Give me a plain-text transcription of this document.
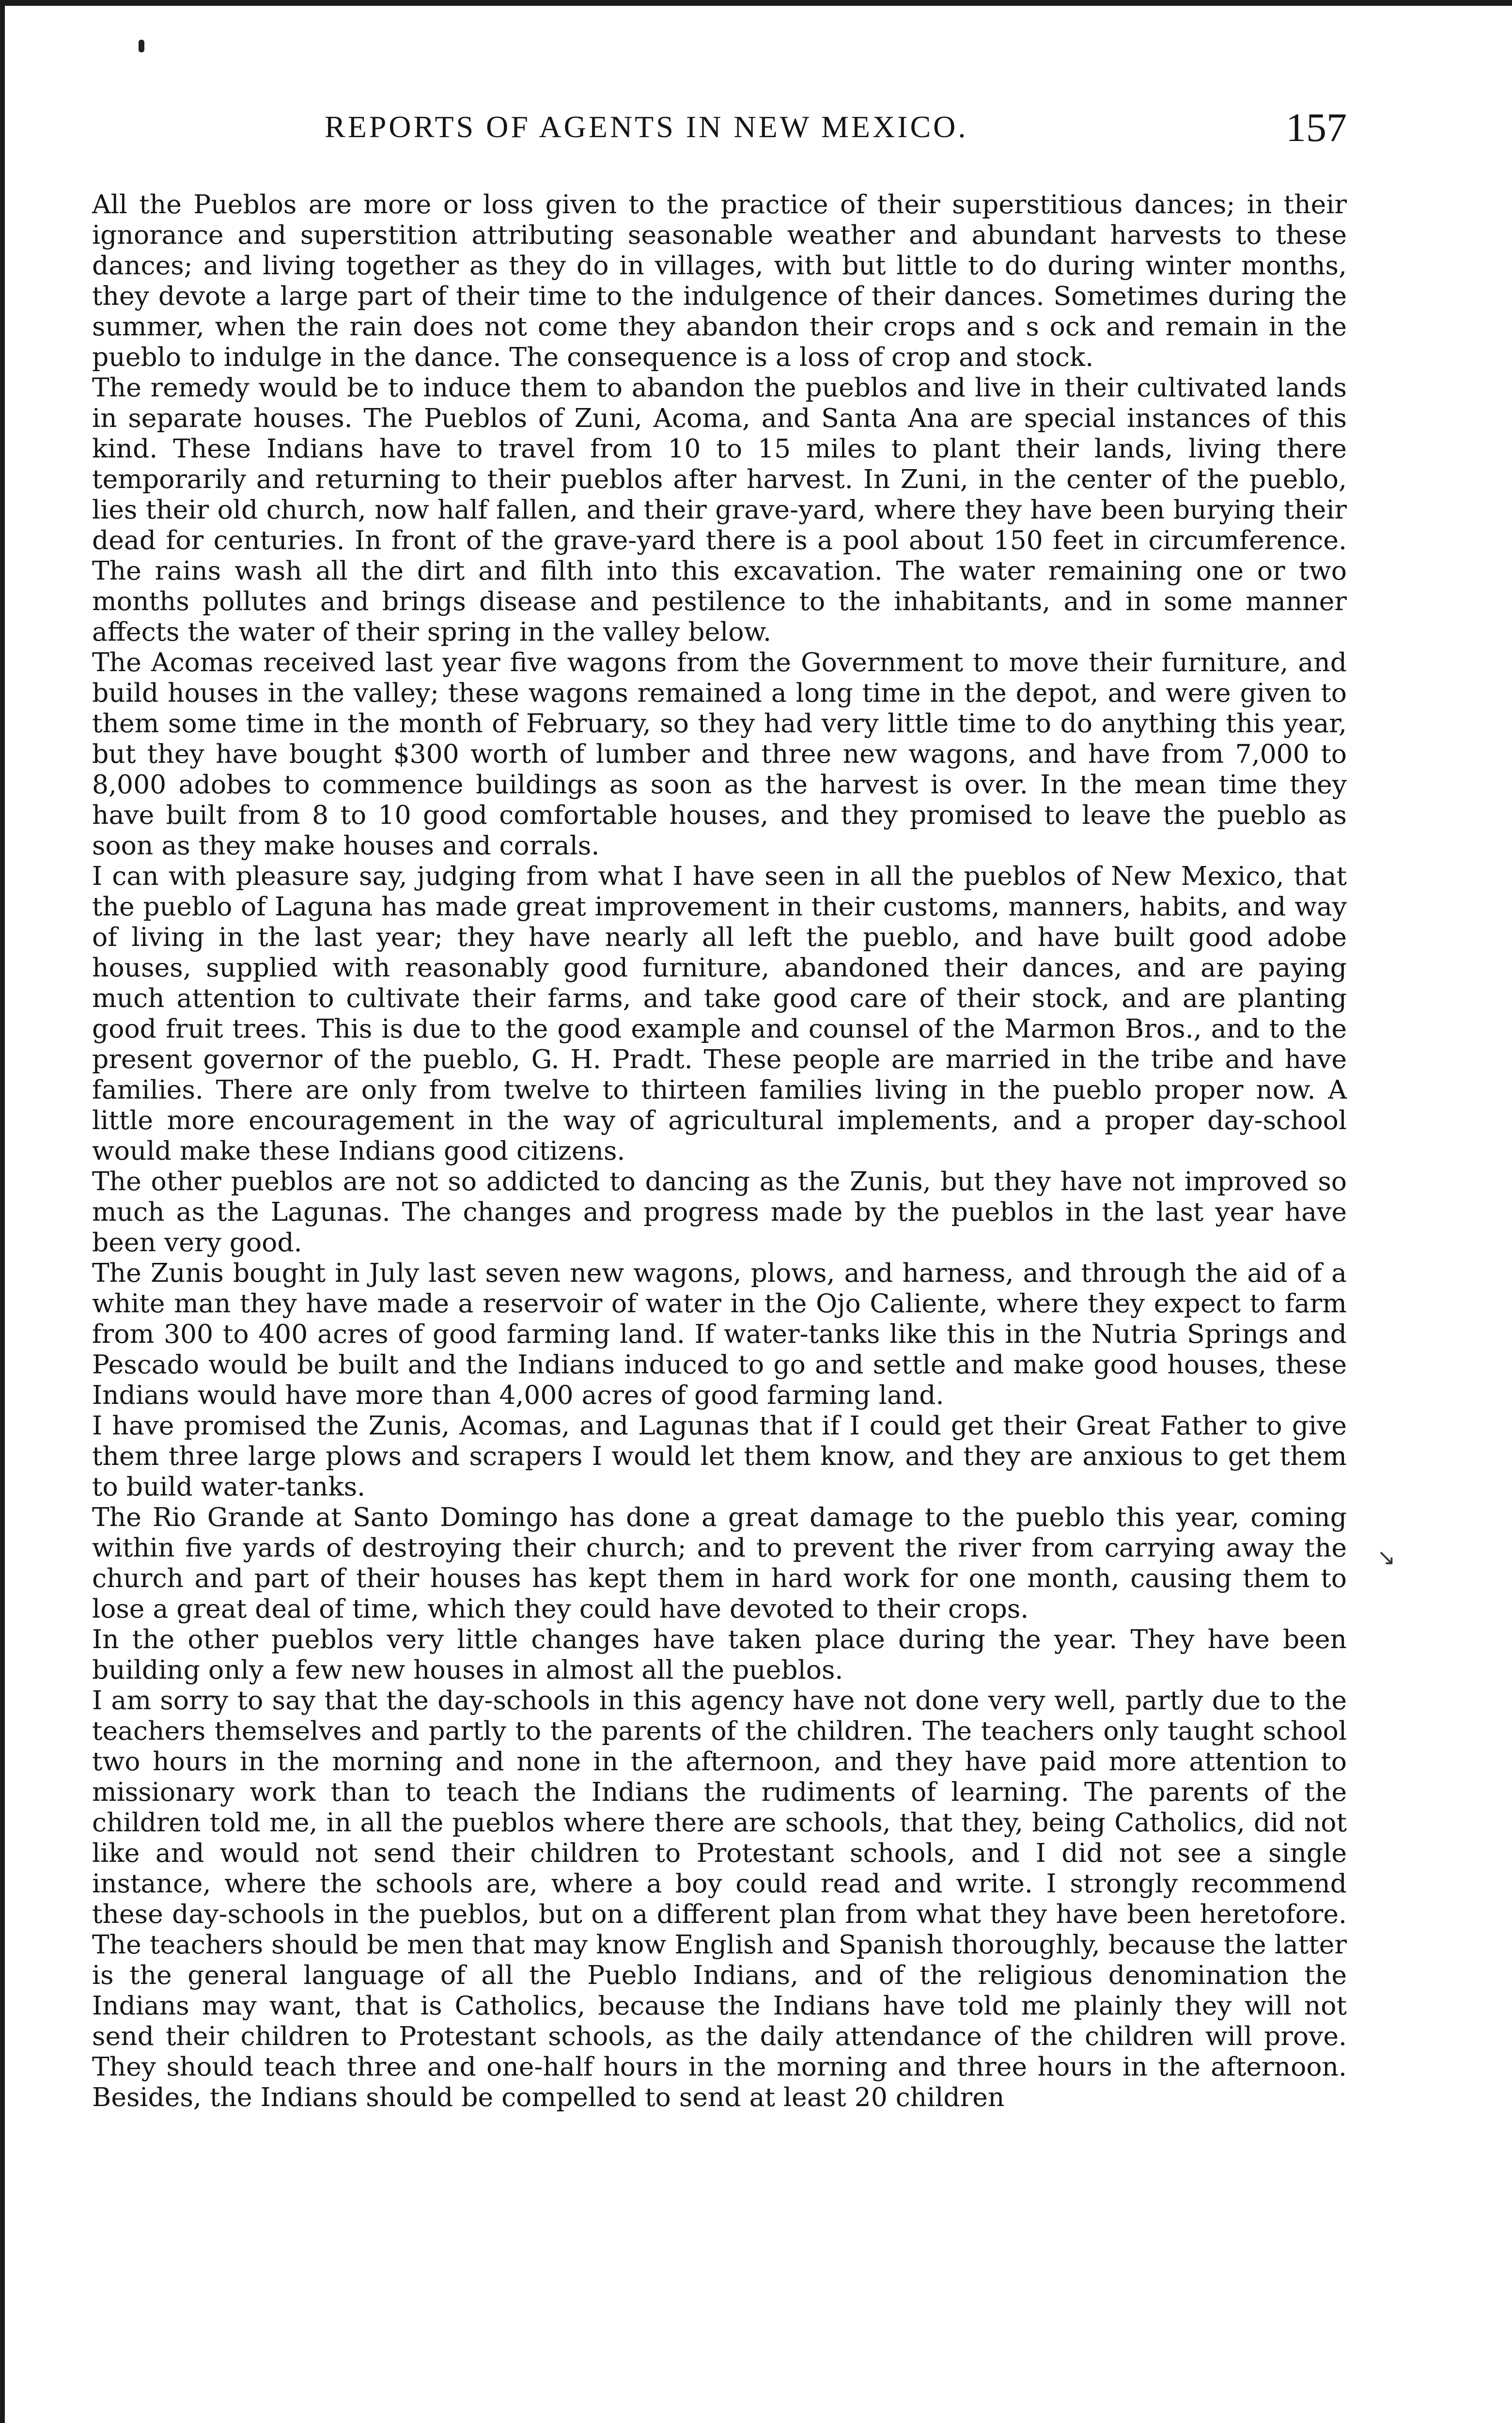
REPORTS OF AGENTS IN NEW MEXICO.	157

All the Pueblos are more or loss given to the practice of their superstitious dances; in their ignorance and superstition attributing seasonable weather and abundant harvests to these dances; and living together as they do in villages, with but little to do during winter months, they devote a large part of their time to the indulgence of their dances. Sometimes during the summer, when the rain does not come they abandon their crops and s ock and remain in the pueblo to indulge in the dance. The consequence is a loss of crop and stock.

The remedy would be to induce them to abandon the pueblos and live in their cultivated lands in separate houses. The Pueblos of Zuni, Acoma, and Santa Ana are special instances of this kind. These Indians have to travel from 10 to 15 miles to plant their lands, living there temporarily and returning to their pueblos after harvest. In Zuni, in the center of the pueblo, lies their old church, now half fallen, and their grave-yard, where they have been burying their dead for centuries. In front of the grave-yard there is a pool about 150 feet in circumference. The rains wash all the dirt and filth into this excavation. The water remaining one or two months pollutes and brings disease and pestilence to the inhabitants, and in some manner affects the water of their spring in the valley below.

The Acomas received last year five wagons from the Government to move their furniture, and build houses in the valley; these wagons remained a long time in the depot, and were given to them some time in the month of February, so they had very little time to do anything this year, but they have bought $300 worth of lumber and three new wagons, and have from 7,000 to 8,000 adobes to commence buildings as soon as the harvest is over. In the mean time they have built from 8 to 10 good comfortable houses, and they promised to leave the pueblo as soon as they make houses and corrals.

I can with pleasure say, judging from what I have seen in all the pueblos of New Mexico, that the pueblo of Laguna has made great improvement in their customs, manners, habits, and way of living in the last year; they have nearly all left the pueblo, and have built good adobe houses, supplied with reasonably good furniture, abandoned their dances, and are paying much attention to cultivate their farms, and take good care of their stock, and are planting good fruit trees. This is due to the good example and counsel of the Marmon Bros., and to the present governor of the pueblo, G. H. Pradt. These people are married in the tribe and have families. There are only from twelve to thirteen families living in the pueblo proper now. A little more encouragement in the way of agricultural implements, and a proper day-school would make these Indians good citizens.

The other pueblos are not so addicted to dancing as the Zunis, but they have not improved so much as the Lagunas. The changes and progress made by the pueblos in the last year have been very good.

The Zunis bought in July last seven new wagons, plows, and harness, and through the aid of a white man they have made a reservoir of water in the Ojo Caliente, where they expect to farm from 300 to 400 acres of good farming land. If water-tanks like this in the Nutria Springs and Pescado would be built and the Indians induced to go and settle and make good houses, these Indians would have more than 4,000 acres of good farming land.

I have promised the Zunis, Acomas, and Lagunas that if I could get their Great Father to give them three large plows and scrapers I would let them know, and they are anxious to get them to build water-tanks.

The Rio Grande at Santo Domingo has done a great damage to the pueblo this year, coming within five yards of destroying their church; and to prevent the river from carrying away the church and part of their houses has kept them in hard work for one month, causing them to lose a great deal of time, which they could have devoted to their crops.

In the other pueblos very little changes have taken place during the year. They have been building only a few new houses in almost all the pueblos.

I am sorry to say that the day-schools in this agency have not done very well, partly due to the teachers themselves and partly to the parents of the children. The teachers only taught school two hours in the morning and none in the afternoon, and they have paid more attention to missionary work than to teach the Indians the rudiments of learning. The parents of the children told me, in all the pueblos where there are schools, that they, being Catholics, did not like and would not send their children to Protestant schools, and I did not see a single instance, where the schools are, where a boy could read and write. I strongly recommend these day-schools in the pueblos, but on a different plan from what they have been heretofore. The teachers should be men that may know English and Spanish thoroughly, because the latter is the general language of all the Pueblo Indians, and of the religious denomination the Indians may want, that is Catholics, because the Indians have told me plainly they will not send their children to Protestant schools, as the daily attendance of the children will prove. They should teach three and one-half hours in the morning and three hours in the afternoon. Besides, the Indians should be compelled to send at least 20 children

↘
